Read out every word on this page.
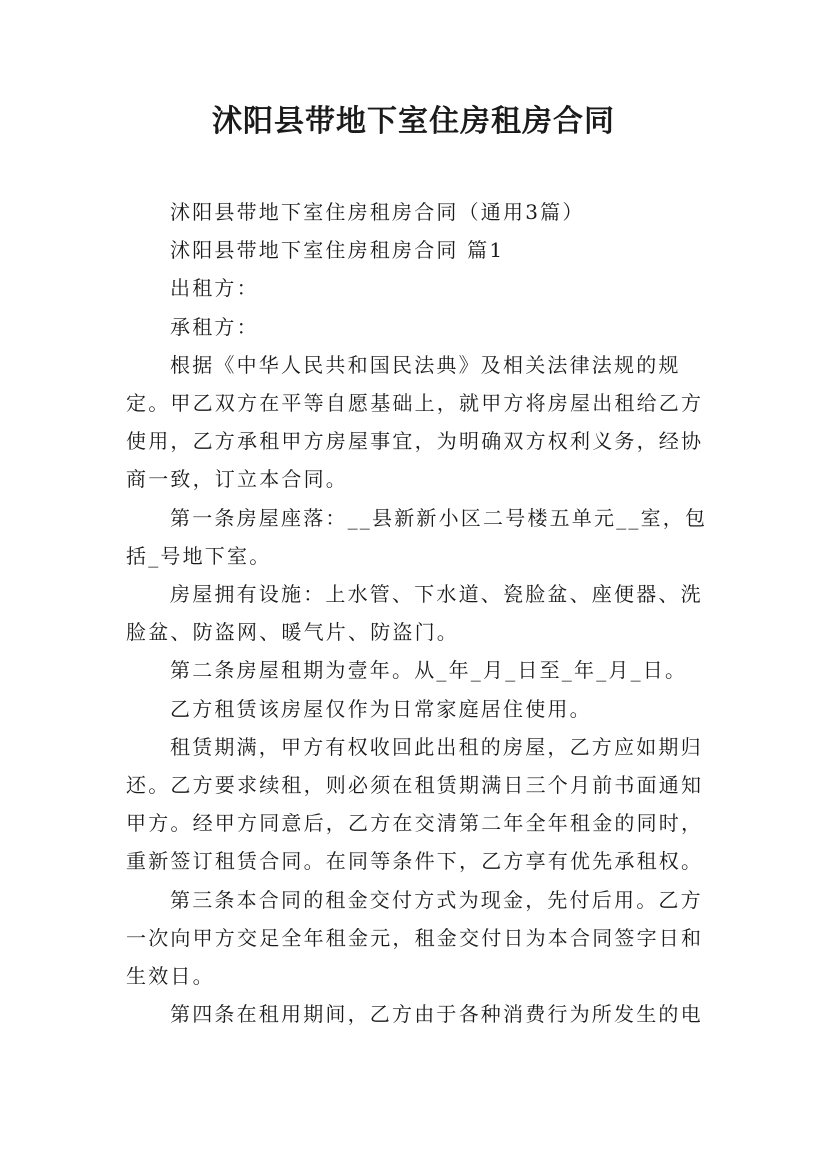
沭阳县带地下室住房租房合同

沭阳县带地下室住房租房合同（通用3篇）

沭阳县带地下室住房租房合同 篇1

出租方：

承租方：

根据《中华人民共和国民法典》及相关法律法规的规定。甲乙双方在平等自愿基础上，就甲方将房屋出租给乙方使用，乙方承租甲方房屋事宜，为明确双方权利义务，经协商一致，订立本合同。

第一条房屋座落：__县新新小区二号楼五单元__室，包括_号地下室。

房屋拥有设施：上水管、下水道、瓷脸盆、座便器、洗脸盆、防盗网、暖气片、防盗门。

第二条房屋租期为壹年。从_年_月_日至_年_月_日。

乙方租赁该房屋仅作为日常家庭居住使用。

租赁期满，甲方有权收回此出租的房屋，乙方应如期归还。乙方要求续租，则必须在租赁期满日三个月前书面通知甲方。经甲方同意后，乙方在交清第二年全年租金的同时，重新签订租赁合同。在同等条件下，乙方享有优先承租权。

第三条本合同的租金交付方式为现金，先付后用。乙方一次向甲方交足全年租金元，租金交付日为本合同签字日和生效日。

第四条在租用期间，乙方由于各种消费行为所发生的电
